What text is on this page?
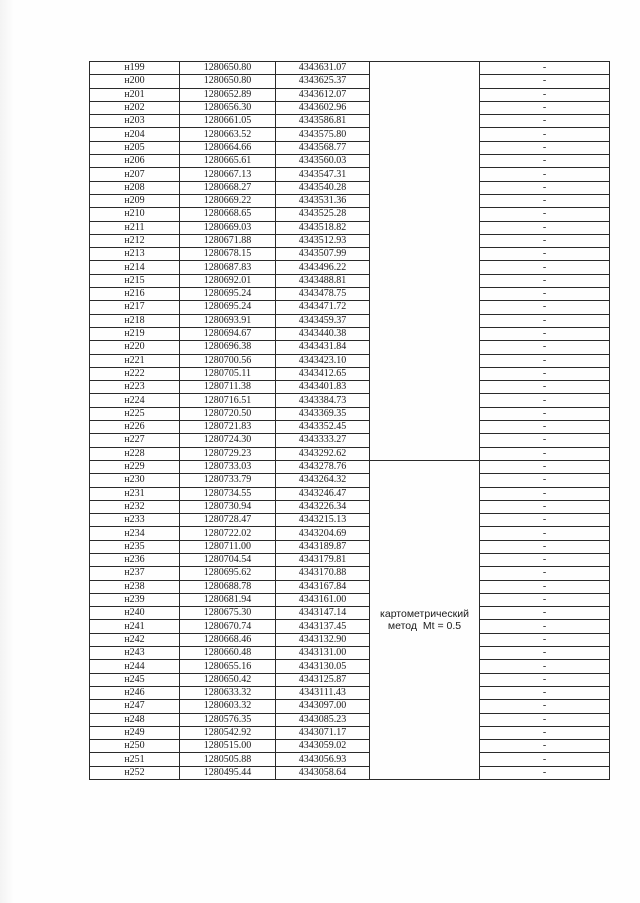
н199	1280650.80	4343631.07		-
н200	1280650.80	4343625.37		-
н201	1280652.89	4343612.07		-
н202	1280656.30	4343602.96		-
н203	1280661.05	4343586.81		-
н204	1280663.52	4343575.80		-
н205	1280664.66	4343568.77		-
н206	1280665.61	4343560.03		-
н207	1280667.13	4343547.31		-
н208	1280668.27	4343540.28		-
н209	1280669.22	4343531.36		-
н210	1280668.65	4343525.28		-
н211	1280669.03	4343518.82		-
н212	1280671.88	4343512.93		-
н213	1280678.15	4343507.99		-
н214	1280687.83	4343496.22		-
н215	1280692.01	4343488.81		-
н216	1280695.24	4343478.75		-
н217	1280695.24	4343471.72		-
н218	1280693.91	4343459.37		-
н219	1280694.67	4343440.38		-
н220	1280696.38	4343431.84		-
н221	1280700.56	4343423.10		-
н222	1280705.11	4343412.65		-
н223	1280711.38	4343401.83		-
н224	1280716.51	4343384.73		-
н225	1280720.50	4343369.35		-
н226	1280721.83	4343352.45		-
н227	1280724.30	4343333.27		-
н228	1280729.23	4343292.62		-
н229	1280733.03	4343278.76	картометрический
метод  Mt = 0.5	-
н230	1280733.79	4343264.32		-
н231	1280734.55	4343246.47		-
н232	1280730.94	4343226.34		-
н233	1280728.47	4343215.13		-
н234	1280722.02	4343204.69		-
н235	1280711.00	4343189.87		-
н236	1280704.54	4343179.81		-
н237	1280695.62	4343170.88		-
н238	1280688.78	4343167.84		-
н239	1280681.94	4343161.00		-
н240	1280675.30	4343147.14		-
н241	1280670.74	4343137.45		-
н242	1280668.46	4343132.90		-
н243	1280660.48	4343131.00		-
н244	1280655.16	4343130.05		-
н245	1280650.42	4343125.87		-
н246	1280633.32	4343111.43		-
н247	1280603.32	4343097.00		-
н248	1280576.35	4343085.23		-
н249	1280542.92	4343071.17		-
н250	1280515.00	4343059.02		-
н251	1280505.88	4343056.93		-
н252	1280495.44	4343058.64		-
